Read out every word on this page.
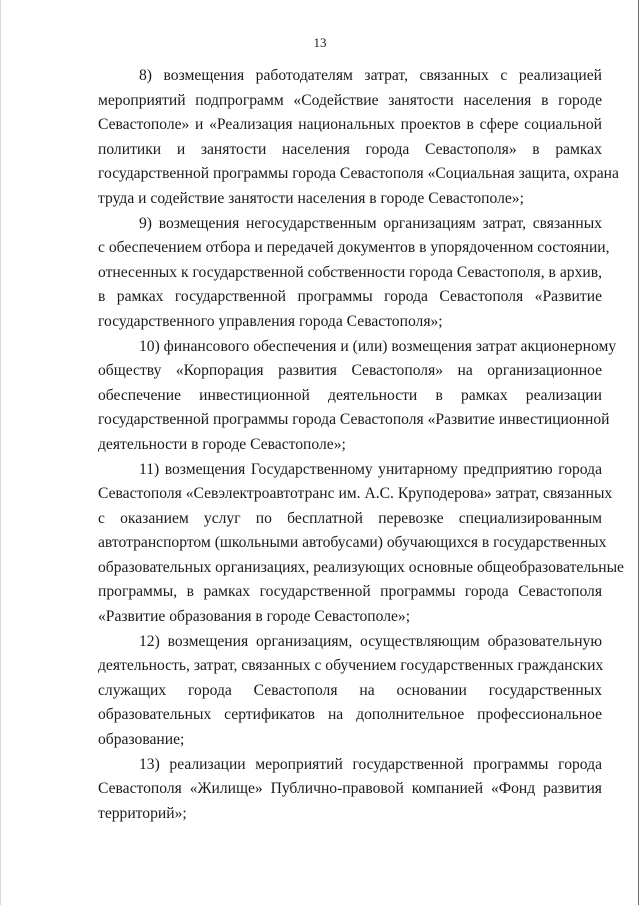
13
8) возмещения работодателям затрат, связанных с реализацией
мероприятий подпрограмм «Содействие занятости населения в городе
Севастополе» и «Реализация национальных проектов в сфере социальной
политики и занятости населения города Севастополя» в рамках
государственной программы города Севастополя «Социальная защита, охрана
труда и содействие занятости населения в городе Севастополе»;
9) возмещения негосударственным организациям затрат, связанных
с обеспечением отбора и передачей документов в упорядоченном состоянии,
отнесенных к государственной собственности города Севастополя, в архив,
в рамках государственной программы города Севастополя «Развитие
государственного управления города Севастополя»;
10) финансового обеспечения и (или) возмещения затрат акционерному
обществу «Корпорация развития Севастополя» на организационное
обеспечение инвестиционной деятельности в рамках реализации
государственной программы города Севастополя «Развитие инвестиционной
деятельности в городе Севастополе»;
11) возмещения Государственному унитарному предприятию города
Севастополя «Севэлектроавтотранс им. А.С. Круподерова» затрат, связанных
с оказанием услуг по бесплатной перевозке специализированным
автотранспортом (школьными автобусами) обучающихся в государственных
образовательных организациях, реализующих основные общеобразовательные
программы, в рамках государственной программы города Севастополя
«Развитие образования в городе Севастополе»;
12) возмещения организациям, осуществляющим образовательную
деятельность, затрат, связанных с обучением государственных гражданских
служащих города Севастополя на основании государственных
образовательных сертификатов на дополнительное профессиональное
образование;
13) реализации мероприятий государственной программы города
Севастополя «Жилище» Публично-правовой компанией «Фонд развития
территорий»;
